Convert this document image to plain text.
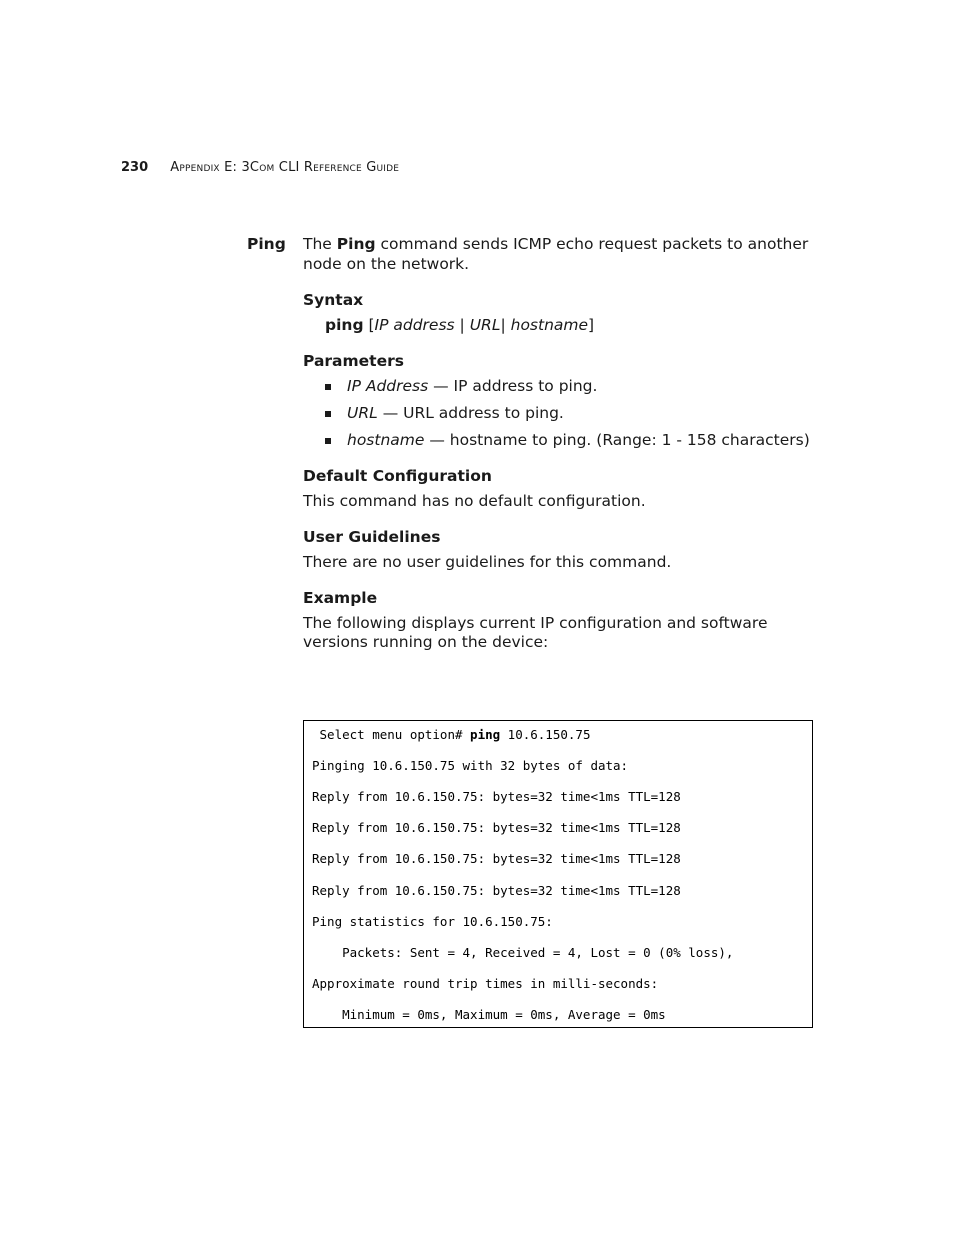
230 Appendix E: 3Com CLI Reference Guide
Ping The Ping command sends ICMP echo request packets to another node on the network.

Syntax
ping [IP address | URL| hostname]
Parameters
IP Address — IP address to ping.
URL — URL address to ping.
hostname — hostname to ping. (Range: 1 - 158 characters)
Default Configuration

This command has no default configuration.

User Guidelines

There are no user guidelines for this command.

Example

The following displays current IP configuration and software versions running on the device:

Select menu option# ping 10.6.150.75
Pinging 10.6.150.75 with 32 bytes of data:
Reply from 10.6.150.75: bytes=32 time<1ms TTL=128
Reply from 10.6.150.75: bytes=32 time<1ms TTL=128
Reply from 10.6.150.75: bytes=32 time<1ms TTL=128
Reply from 10.6.150.75: bytes=32 time<1ms TTL=128
Ping statistics for 10.6.150.75:
Packets: Sent = 4, Received = 4, Lost = 0 (0% loss),
Approximate round trip times in milli-seconds:
Minimum = 0ms, Maximum = 0ms, Average = 0ms
